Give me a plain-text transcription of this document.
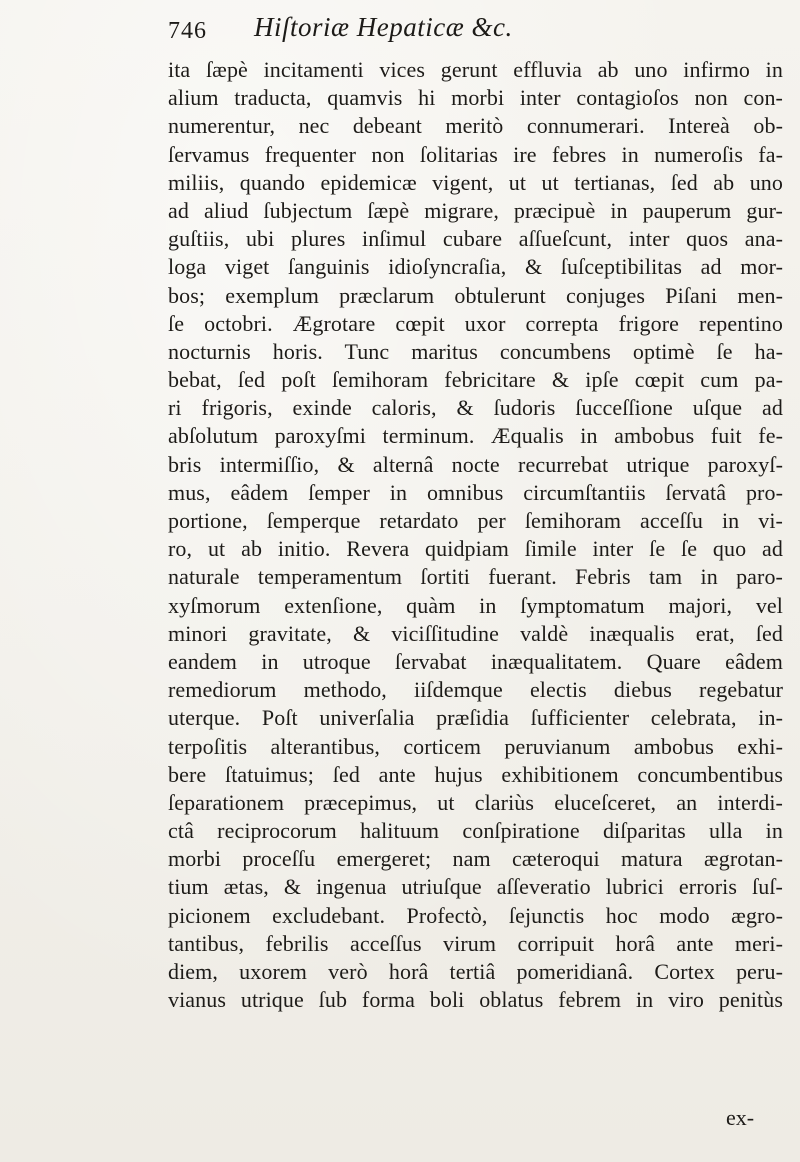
746 Hiſtoriæ Hepaticæ &c.
ita ſæpè incitamenti vices gerunt effluvia ab uno infirmo in
alium traducta, quamvis hi morbi inter contagioſos non con-
numerentur, nec debeant meritò connumerari. Intereà ob-
ſervamus frequenter non ſolitarias ire febres in numeroſis fa-
miliis, quando epidemicæ vigent, ut ut tertianas, ſed ab uno
ad aliud ſubjectum ſæpè migrare, præcipuè in pauperum gur-
guſtiis, ubi plures inſimul cubare aſſueſcunt, inter quos ana-
loga viget ſanguinis idioſyncraſia, & ſuſceptibilitas ad mor-
bos; exemplum præclarum obtulerunt conjuges Piſani men-
ſe octobri. Ægrotare cœpit uxor correpta frigore repentino
nocturnis horis. Tunc maritus concumbens optimè ſe ha-
bebat, ſed poſt ſemihoram febricitare & ipſe cœpit cum pa-
ri frigoris, exinde caloris, & ſudoris ſucceſſione uſque ad
abſolutum paroxyſmi terminum. Æqualis in ambobus fuit fe-
bris intermiſſio, & alternâ nocte recurrebat utrique paroxyſ-
mus, eâdem ſemper in omnibus circumſtantiis ſervatâ pro-
portione, ſemperque retardato per ſemihoram acceſſu in vi-
ro, ut ab initio. Revera quidpiam ſimile inter ſe ſe quo ad
naturale temperamentum ſortiti fuerant. Febris tam in paro-
xyſmorum extenſione, quàm in ſymptomatum majori, vel
minori gravitate, & viciſſitudine valdè inæqualis erat, ſed
eandem in utroque ſervabat inæqualitatem. Quare eâdem
remediorum methodo, iiſdemque electis diebus regebatur
uterque. Poſt univerſalia præſidia ſufficienter celebrata, in-
terpoſitis alterantibus, corticem peruvianum ambobus exhi-
bere ſtatuimus; ſed ante hujus exhibitionem concumbentibus
ſeparationem præcepimus, ut clariùs eluceſceret, an interdi-
ctâ reciprocorum halituum conſpiratione diſparitas ulla in
morbi proceſſu emergeret; nam cæteroqui matura ægrotan-
tium ætas, & ingenua utriuſque aſſeveratio lubrici erroris ſuſ-
picionem excludebant. Profectò, ſejunctis hoc modo ægro-
tantibus, febrilis acceſſus virum corripuit horâ ante meri-
diem, uxorem verò horâ tertiâ pomeridianâ. Cortex peru-
vianus utrique ſub forma boli oblatus febrem in viro penitùs
ex-
